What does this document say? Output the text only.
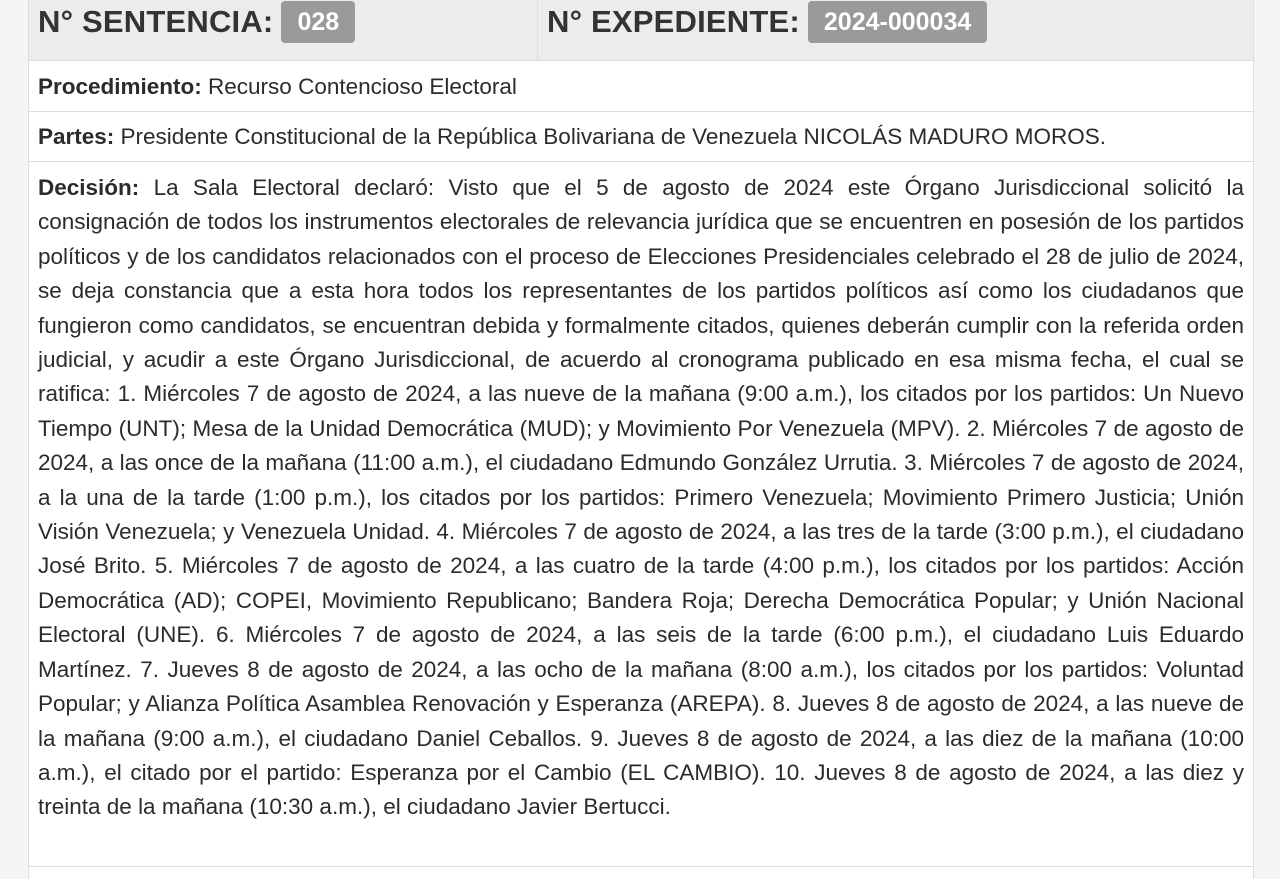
N° SENTENCIA: 028	N° EXPEDIENTE: 2024-000034
Procedimiento: Recurso Contencioso Electoral
Partes: Presidente Constitucional de la República Bolivariana de Venezuela NICOLÁS MADURO MOROS.
Decisión: La Sala Electoral declaró: Visto que el 5 de agosto de 2024 este Órgano Jurisdiccional solicitó la consignación de todos los instrumentos electorales de relevancia jurídica que se encuentren en posesión de los partidos políticos y de los candidatos relacionados con el proceso de Elecciones Presidenciales celebrado el 28 de julio de 2024, se deja constancia que a esta hora todos los representantes de los partidos políticos así como los ciudadanos que fungieron como candidatos, se encuentran debida y formalmente citados, quienes deberán cumplir con la referida orden judicial, y acudir a este Órgano Jurisdiccional, de acuerdo al cronograma publicado en esa misma fecha, el cual se ratifica: 1. Miércoles 7 de agosto de 2024, a las nueve de la mañana (9:00 a.m.), los citados por los partidos: Un Nuevo Tiempo (UNT); Mesa de la Unidad Democrática (MUD); y Movimiento Por Venezuela (MPV). 2. Miércoles 7 de agosto de 2024, a las once de la mañana (11:00 a.m.), el ciudadano Edmundo González Urrutia. 3. Miércoles 7 de agosto de 2024, a la una de la tarde (1:00 p.m.), los citados por los partidos: Primero Venezuela; Movimiento Primero Justicia; Unión Visión Venezuela; y Venezuela Unidad. 4. Miércoles 7 de agosto de 2024, a las tres de la tarde (3:00 p.m.), el ciudadano José Brito. 5. Miércoles 7 de agosto de 2024, a las cuatro de la tarde (4:00 p.m.), los citados por los partidos: Acción Democrática (AD); COPEI, Movimiento Republicano; Bandera Roja; Derecha Democrática Popular; y Unión Nacional Electoral (UNE). 6. Miércoles 7 de agosto de 2024, a las seis de la tarde (6:00 p.m.), el ciudadano Luis Eduardo Martínez. 7. Jueves 8 de agosto de 2024, a las ocho de la mañana (8:00 a.m.), los citados por los partidos: Voluntad Popular; y Alianza Política Asamblea Renovación y Esperanza (AREPA). 8. Jueves 8 de agosto de 2024, a las nueve de la mañana (9:00 a.m.), el ciudadano Daniel Ceballos. 9. Jueves 8 de agosto de 2024, a las diez de la mañana (10:00 a.m.), el citado por el partido: Esperanza por el Cambio (EL CAMBIO). 10. Jueves 8 de agosto de 2024, a las diez y treinta de la mañana (10:30 a.m.), el ciudadano Javier Bertucci.
